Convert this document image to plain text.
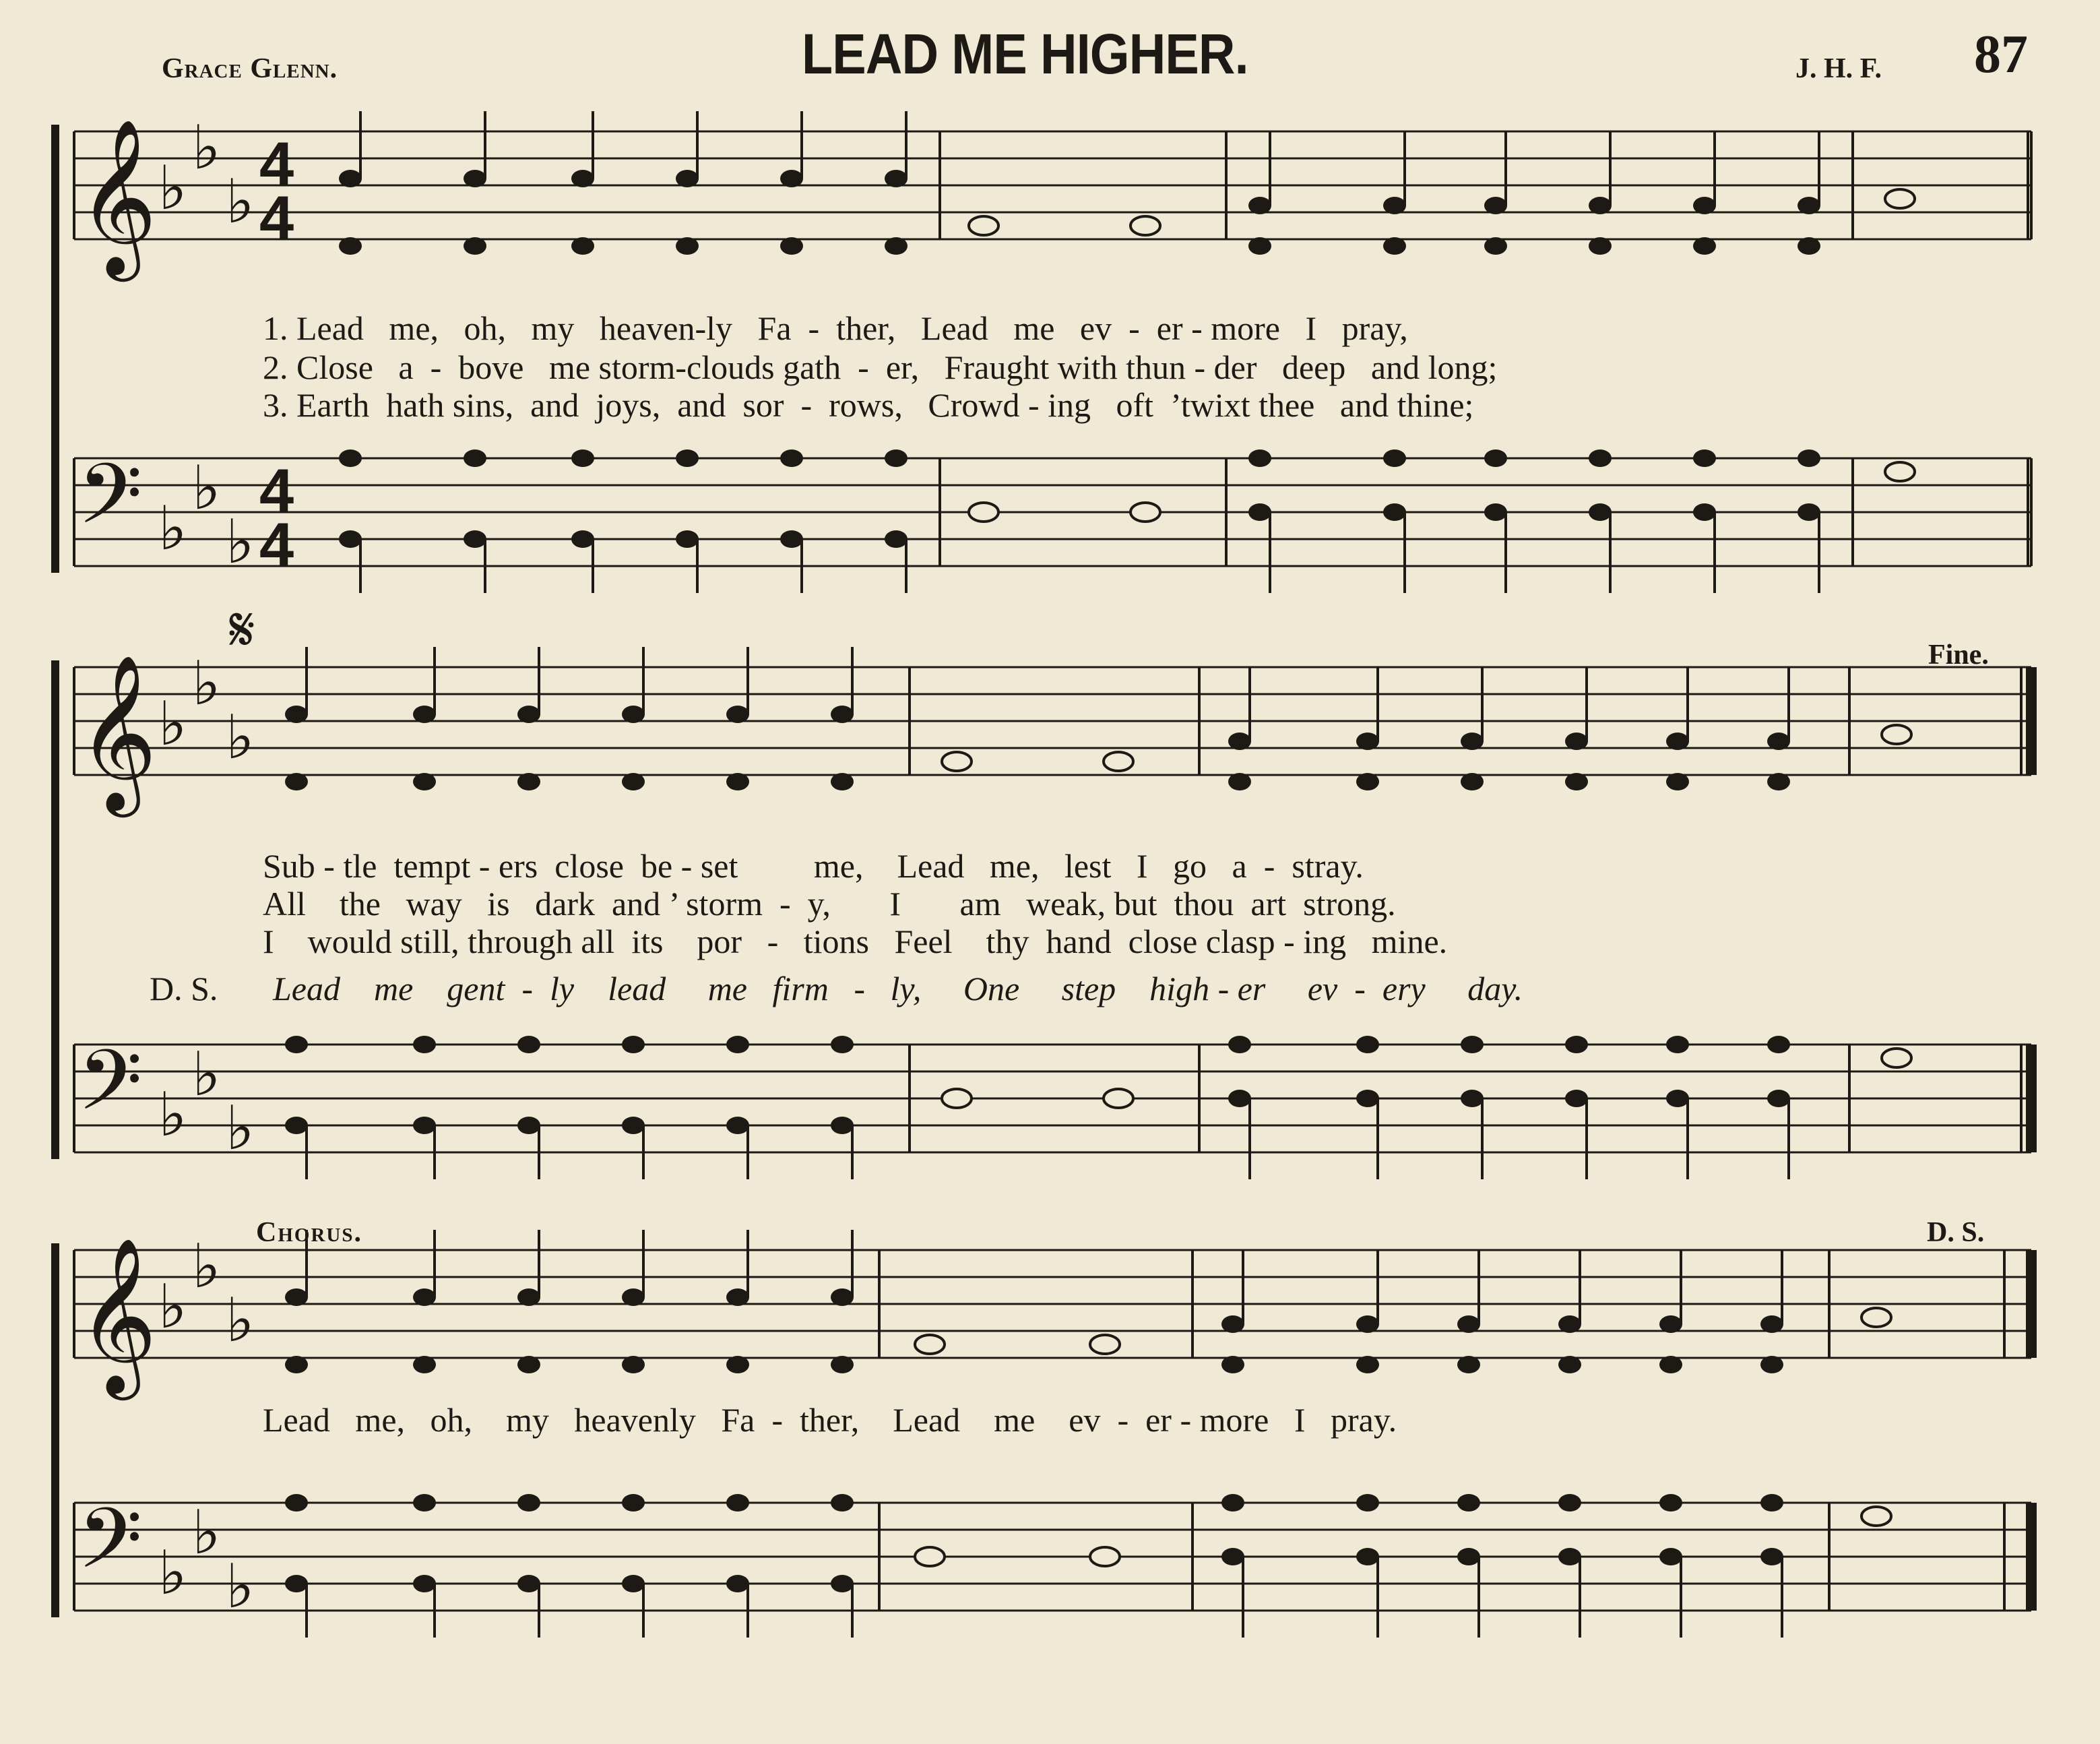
Grace Glenn.	LEAD ME HIGHER.	J. H. F. 87
𝄞
𝄢
♭
♭
♭
♭
♭
♭
4
4
4
4
𝄞
𝄢
♭
♭
♭
♭
♭
♭
𝄞
𝄢
♭
♭
♭
♭
♭
♭
𝄋
1. Lead   me,   oh,   my   heaven-ly   Fa  -  ther,   Lead   me   ev  -  er - more   I   pray,
2. Close   a  -  bove   me storm-clouds gath  -  er,   Fraught with thun - der   deep   and long;
3. Earth  hath sins,  and  joys,  and  sor  -  rows,   Crowd - ing   oft  ’twixt thee   and thine;
Sub - tle  tempt - ers  close  be - set         me,    Lead   me,   lest   I   go   a  -  stray.
All    the   way   is   dark  and ’ storm  -  y,       I       am   weak, but  thou  art  strong.
I    would still, through all  its    por   -   tions   Feel    thy  hand  close clasp - ing   mine.
D. S. Lead    me    gent  -  ly    lead     me   firm   -   ly,     One     step    high - er     ev  -  ery     day.
Fine.
Chorus.	D. S.
Lead   me,   oh,    my   heavenly   Fa  -  ther,    Lead    me    ev  -  er - more   I   pray.
